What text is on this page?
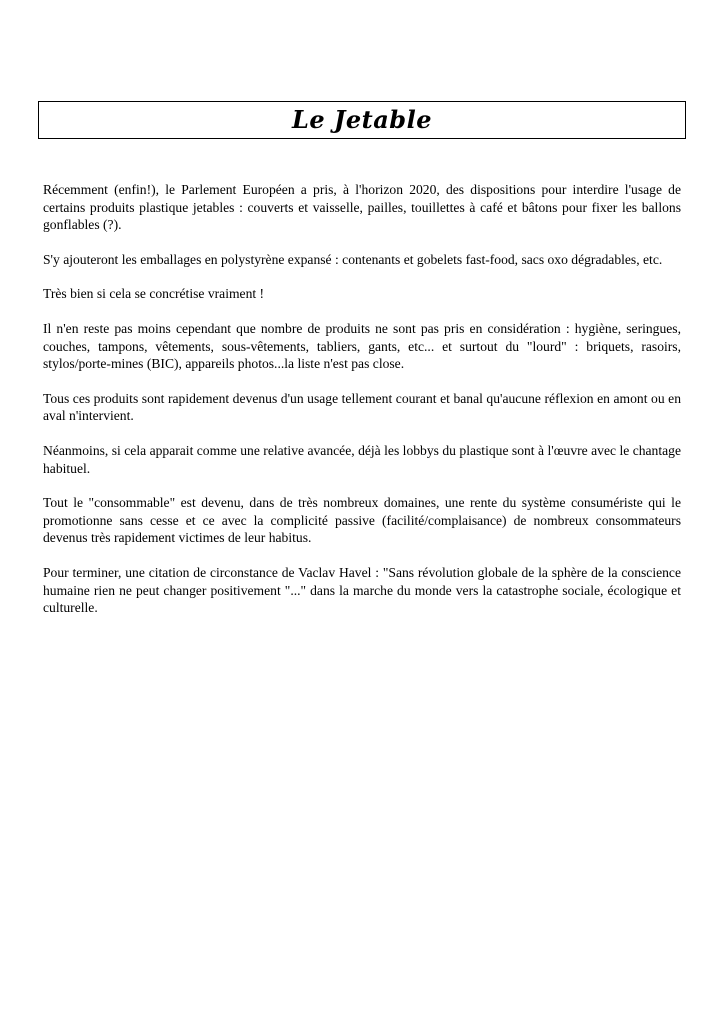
Le Jetable

Récemment (enfin!), le Parlement Européen a pris, à l'horizon 2020, des dispositions pour interdire l'usage de certains produits plastique jetables : couverts et vaisselle, pailles, touillettes à café et bâtons pour fixer les ballons gonflables (?).

S'y ajouteront les emballages en polystyrène expansé : contenants et gobelets fast-food, sacs oxo dégradables, etc.

Très bien si cela se concrétise vraiment !

Il n'en reste pas moins cependant que nombre de produits ne sont pas pris en considération : hygiène, seringues, couches, tampons, vêtements, sous-vêtements, tabliers, gants, etc... et surtout du "lourd" : briquets, rasoirs, stylos/porte-mines (BIC), appareils photos...la liste n'est pas close.

Tous ces produits sont rapidement devenus d'un usage tellement courant et banal qu'aucune réflexion en amont ou en aval n'intervient.

Néanmoins, si cela apparait comme une relative avancée, déjà les lobbys du plastique sont à l'œuvre avec le chantage habituel.

Tout le "consommable" est devenu, dans de très nombreux domaines, une rente du système consumériste qui le promotionne sans cesse et ce avec la complicité passive (facilité/complaisance) de nombreux consommateurs devenus très rapidement victimes de leur habitus.

Pour terminer, une citation de circonstance de Vaclav Havel : "Sans révolution globale de la sphère de la conscience humaine rien ne peut changer positivement "..." dans la marche du monde vers la catastrophe sociale, écologique et culturelle.
